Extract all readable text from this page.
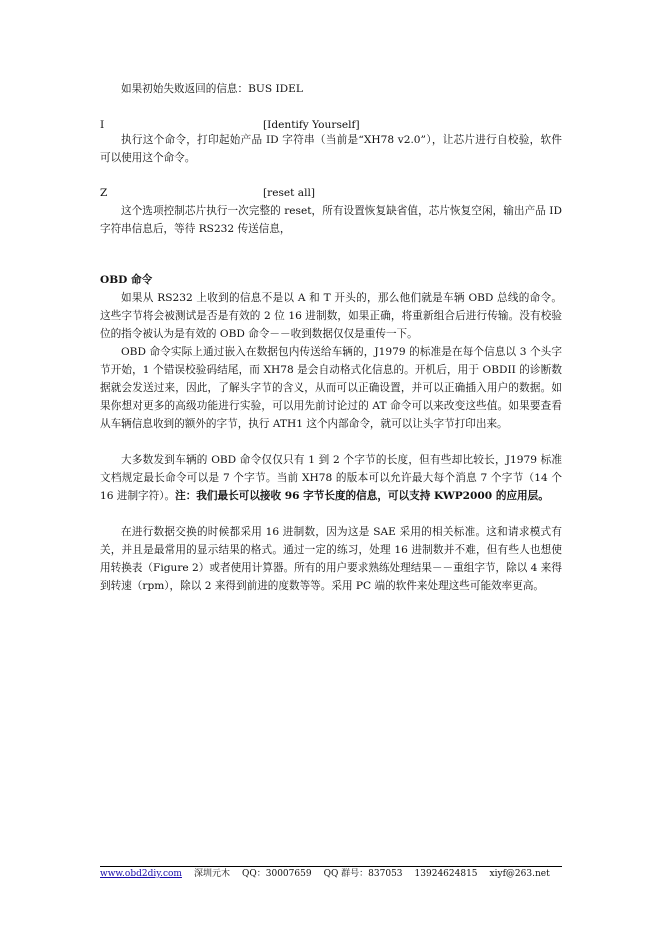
如果初始失败返回的信息：BUS IDEL

I	[Identify Yourself]

执行这个命令，打印起始产品 ID 字符串（当前是“XH78 v2.0”），让芯片进行自校验，软件可以使用这个命令。

Z	[reset all]

这个选项控制芯片执行一次完整的 reset，所有设置恢复缺省值，芯片恢复空闲，输出产品 ID 字符串信息后，等待 RS232 传送信息，

OBD 命令

如果从 RS232 上收到的信息不是以 A 和 T 开头的，那么他们就是车辆 OBD 总线的命令。这些字节将会被测试是否是有效的 2 位 16 进制数，如果正确，将重新组合后进行传输。没有校验位的指令被认为是有效的 OBD 命令－－收到数据仅仅是重传一下。

OBD 命令实际上通过嵌入在数据包内传送给车辆的，J1979 的标准是在每个信息以 3 个头字节开始，1 个错误校验码结尾，而 XH78 是会自动格式化信息的。开机后，用于 OBDII 的诊断数据就会发送过来，因此，了解头字节的含义，从而可以正确设置，并可以正确插入用户的数据。如果你想对更多的高级功能进行实验，可以用先前讨论过的 AT 命令可以来改变这些值。如果要查看从车辆信息收到的额外的字节，执行 ATH1 这个内部命令，就可以让头字节打印出来。

大多数发到车辆的 OBD 命令仅仅只有 1 到 2 个字节的长度，但有些却比较长，J1979 标准文档规定最长命令可以是 7 个字节。当前 XH78 的版本可以允许最大每个消息 7 个字节（14 个 16 进制字符）。注：我们最长可以接收 96 字节长度的信息，可以支持 KWP2000 的应用层。

在进行数据交换的时候都采用 16 进制数，因为这是 SAE 采用的相关标准。这和请求模式有关，并且是最常用的显示结果的格式。通过一定的练习，处理 16 进制数并不难，但有些人也想使用转换表（Figure 2）或者使用计算器。所有的用户要求熟练处理结果－－重组字节，除以 4 来得到转速（rpm），除以 2 来得到前进的度数等等。采用 PC 端的软件来处理这些可能效率更高。

www.obd2diy.com 深圳元木 QQ：30007659 QQ 群号：837053 13924624815 xiyf@263.net
